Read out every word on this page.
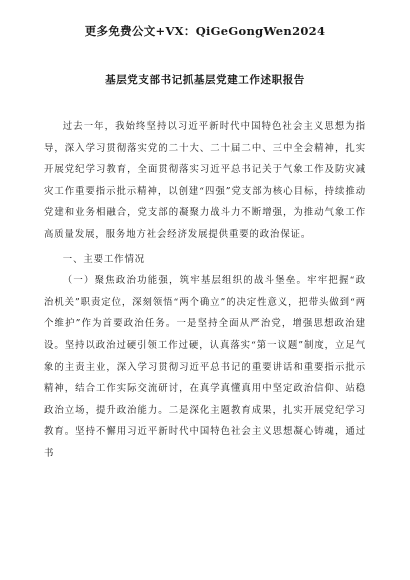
更多免费公文+VX：QiGeGongWen2024
基层党支部书记抓基层党建工作述职报告

过去一年，我始终坚持以习近平新时代中国特色社会主义思想为指导，深入学习贯彻落实党的二十大、二十届二中、三中全会精神，扎实开展党纪学习教育，全面贯彻落实习近平总书记关于气象工作及防灾减灾工作重要指示批示精神，以创建“四强”党支部为核心目标，持续推动党建和业务相融合，党支部的凝聚力战斗力不断增强，为推动气象工作高质量发展，服务地方社会经济发展提供重要的政治保证。

一、主要工作情况

（一）聚焦政治功能强，筑牢基层组织的战斗堡垒。牢牢把握“政治机关”职责定位，深刻领悟“两个确立”的决定性意义，把带头做到“两个维护”作为首要政治任务。一是坚持全面从严治党，增强思想政治建设。坚持以政治过硬引领工作过硬，认真落实“第一议题”制度，立足气象的主责主业，深入学习贯彻习近平总书记的重要讲话和重要指示批示精神，结合工作实际交流研讨，在真学真懂真用中坚定政治信仰、站稳政治立场，提升政治能力。二是深化主题教育成果，扎实开展党纪学习教育。坚持不懈用习近平新时代中国特色社会主义思想凝心铸魂，通过书
